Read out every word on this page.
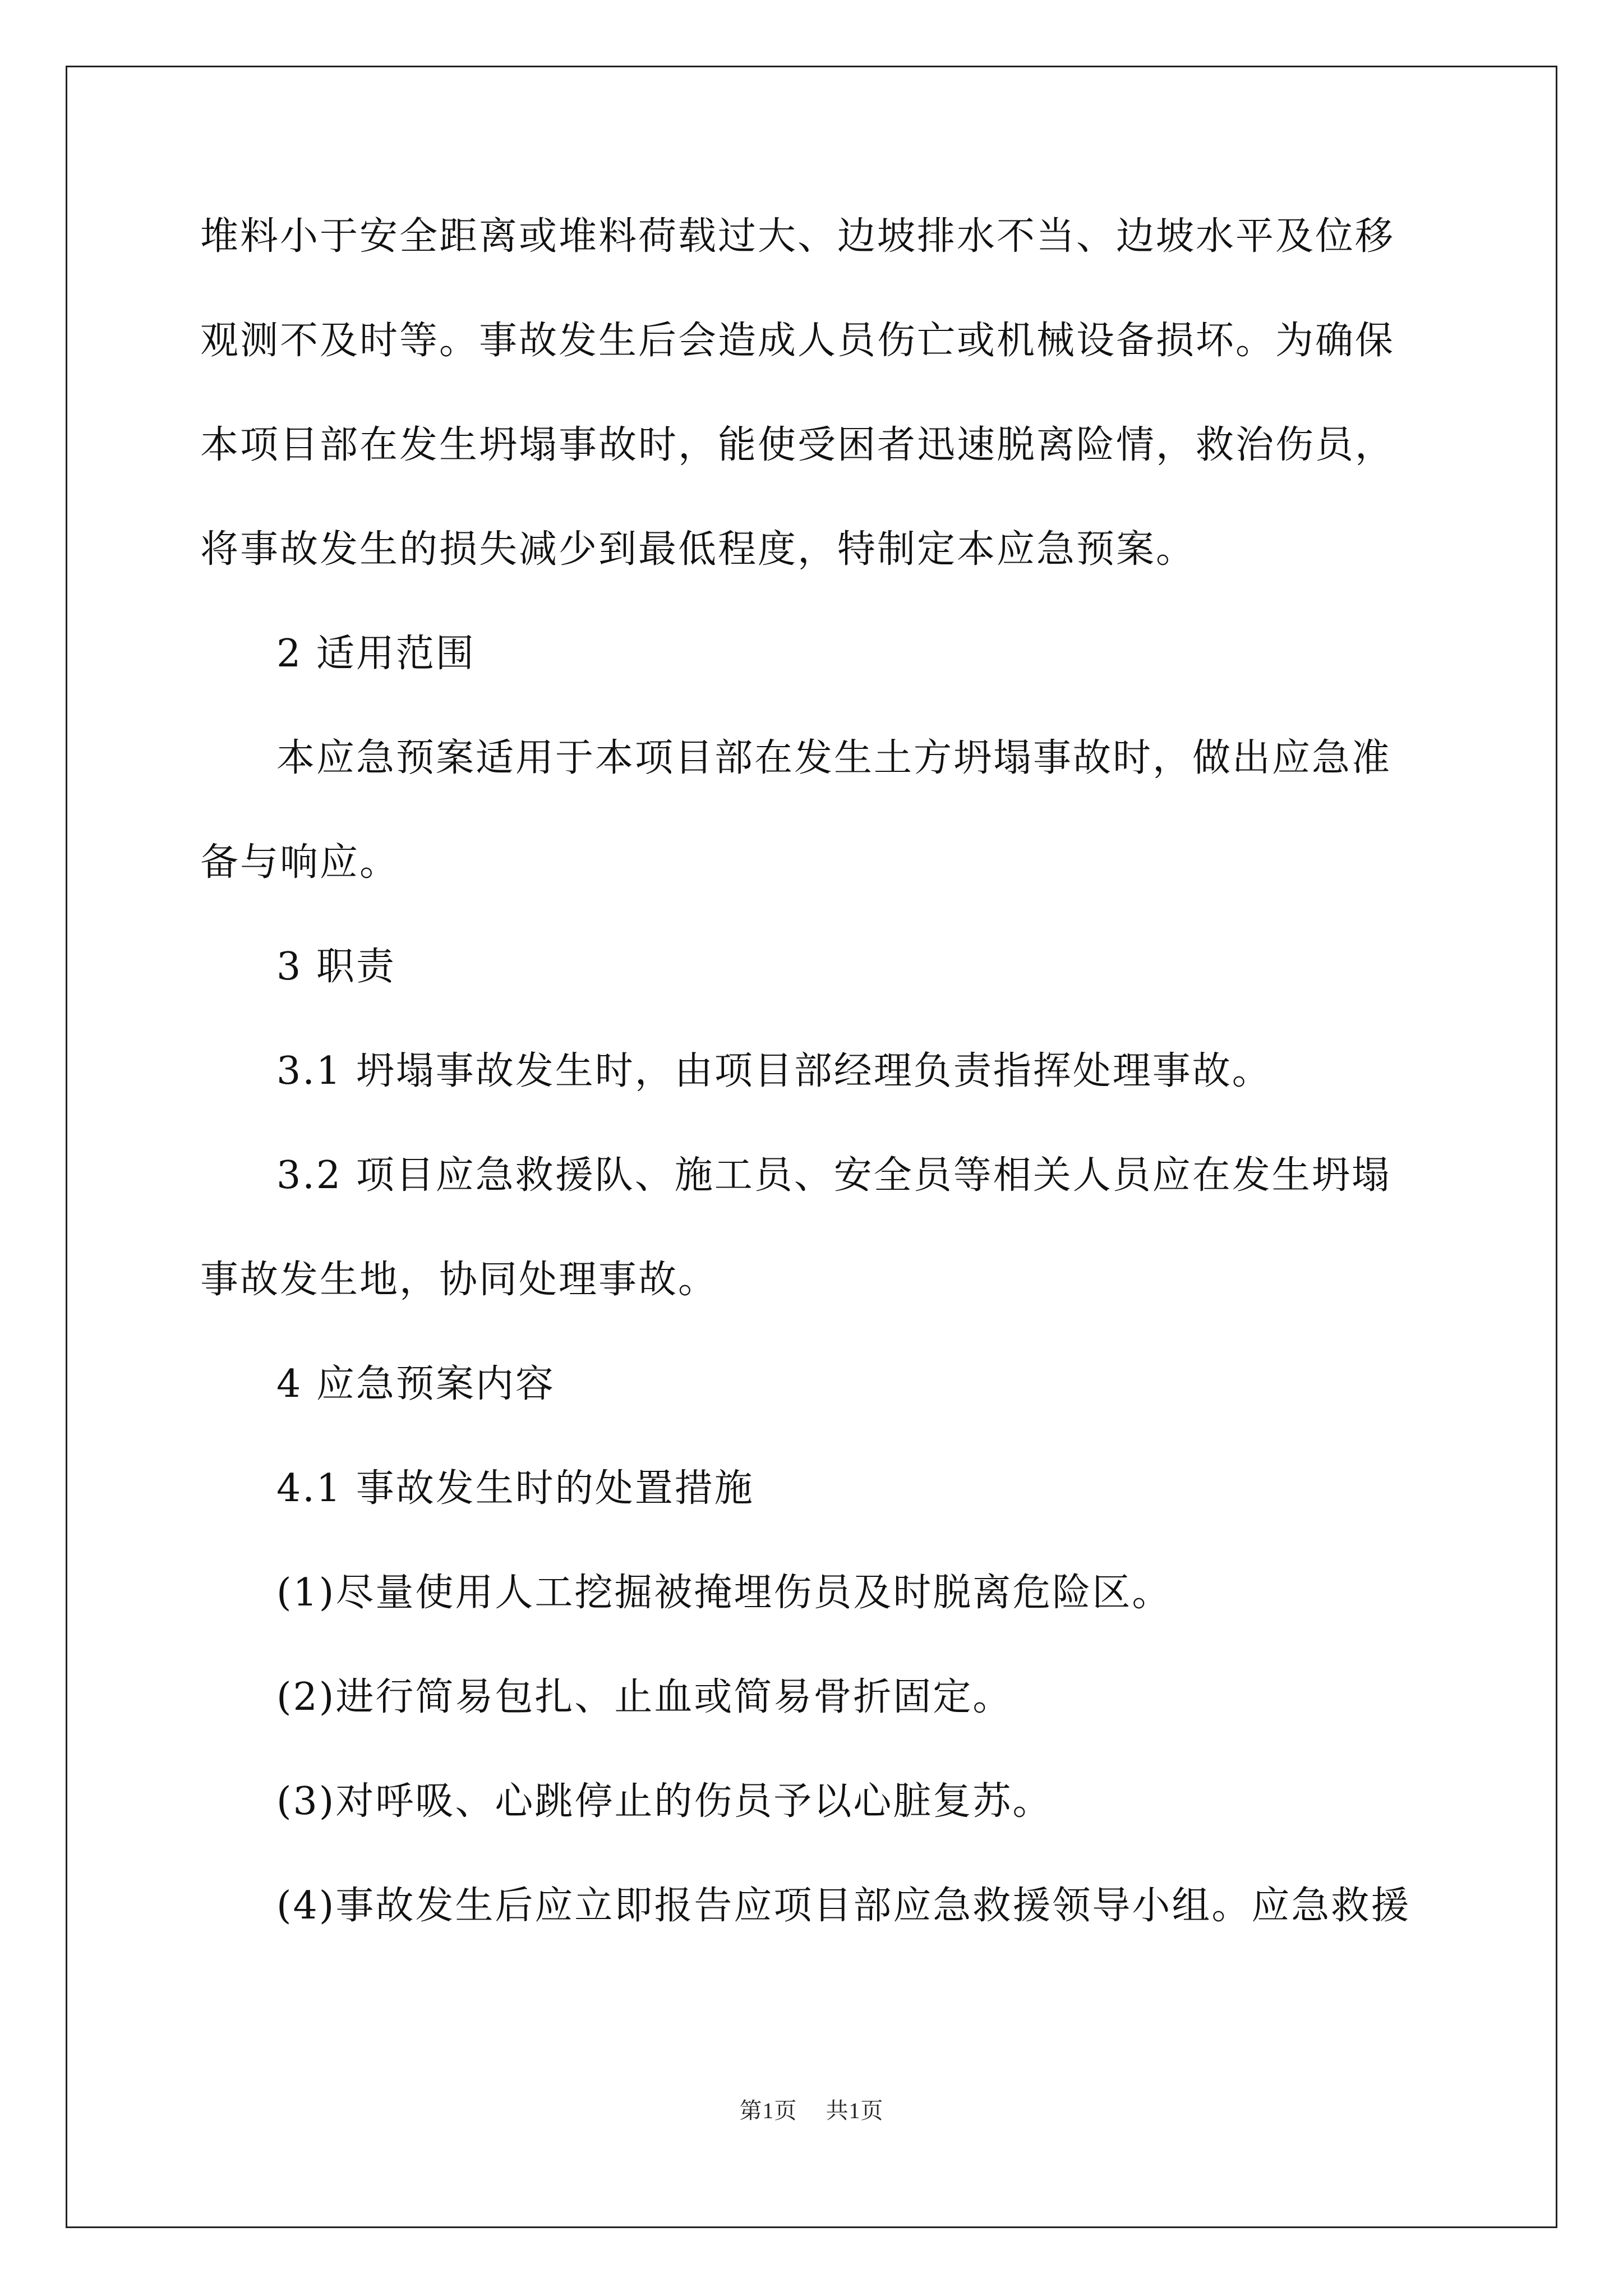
堆料小于安全距离或堆料荷载过大、边坡排水不当、边坡水平及位移

观测不及时等。事故发生后会造成人员伤亡或机械设备损坏。为确保

本项目部在发生坍塌事故时，能使受困者迅速脱离险情，救治伤员，

将事故发生的损失减少到最低程度，特制定本应急预案。

2 适用范围

本应急预案适用于本项目部在发生土方坍塌事故时，做出应急准

备与响应。

3 职责

3.1 坍塌事故发生时，由项目部经理负责指挥处理事故。

3.2 项目应急救援队、施工员、安全员等相关人员应在发生坍塌

事故发生地，协同处理事故。

4 应急预案内容

4.1 事故发生时的处置措施

(1)尽量使用人工挖掘被掩埋伤员及时脱离危险区。

(2)进行简易包扎、止血或简易骨折固定。

(3)对呼吸、心跳停止的伤员予以心脏复苏。

(4)事故发生后应立即报告应项目部应急救援领导小组。应急救援

第1页 共1页
